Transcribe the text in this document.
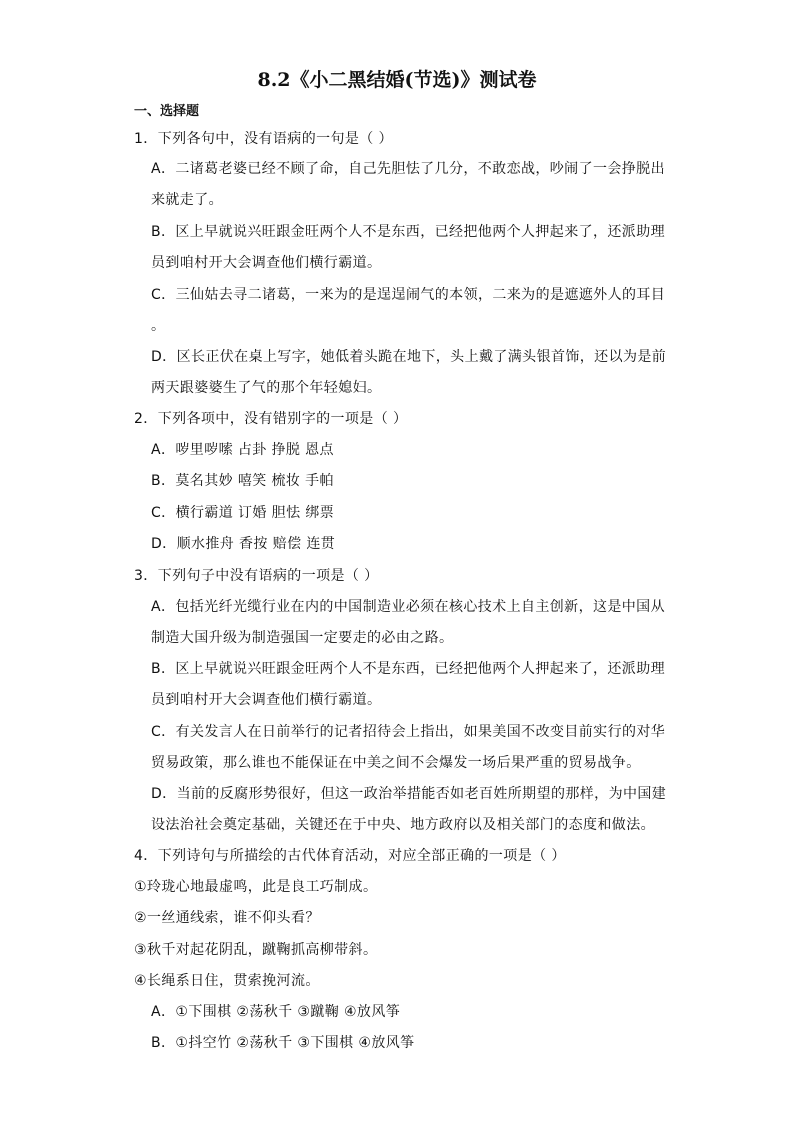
8.2《小二黑结婚(节选)》测试卷
一、选择题
1．下列各句中，没有语病的一句是（ ）
A．二诸葛老婆已经不顾了命，自己先胆怯了几分，不敢恋战，吵闹了一会挣脱出
来就走了。
B．区上早就说兴旺跟金旺两个人不是东西，已经把他两个人押起来了，还派助理
员到咱村开大会调查他们横行霸道。
C．三仙姑去寻二诸葛，一来为的是逞逞闹气的本领，二来为的是遮遮外人的耳目
。
D．区长正伏在桌上写字，她低着头跪在地下，头上戴了满头银首饰，还以为是前
两天跟婆婆生了气的那个年轻媳妇。
2．下列各项中，没有错别字的一项是（ ）
A．哕里哕嗦 占卦 挣脱 恩点
B．莫名其妙 嘻笑 梳妆 手帕
C．横行霸道 订婚 胆怯 绑票
D．顺水推舟 香按 赔偿 连贯
3．下列句子中没有语病的一项是（ ）
A．包括光纤光缆行业在内的中国制造业必须在核心技术上自主创新，这是中国从
制造大国升级为制造强国一定要走的必由之路。
B．区上早就说兴旺跟金旺两个人不是东西，已经把他两个人押起来了，还派助理
员到咱村开大会调查他们横行霸道。
C．有关发言人在日前举行的记者招待会上指出，如果美国不改变目前实行的对华
贸易政策，那么谁也不能保证在中美之间不会爆发一场后果严重的贸易战争。
D．当前的反腐形势很好，但这一政治举措能否如老百姓所期望的那样，为中国建
设法治社会奠定基础，关键还在于中央、地方政府以及相关部门的态度和做法。
4．下列诗句与所描绘的古代体育活动，对应全部正确的一项是（ ）
①玲珑心地最虚鸣，此是良工巧制成。
②一丝通线索，谁不仰头看？
③秋千对起花阴乱，蹴鞠抓高柳带斜。
④长绳系日住，贯索挽河流。
A．①下围棋 ②荡秋千 ③蹴鞠 ④放风筝
B．①抖空竹 ②荡秋千 ③下围棋 ④放风筝
